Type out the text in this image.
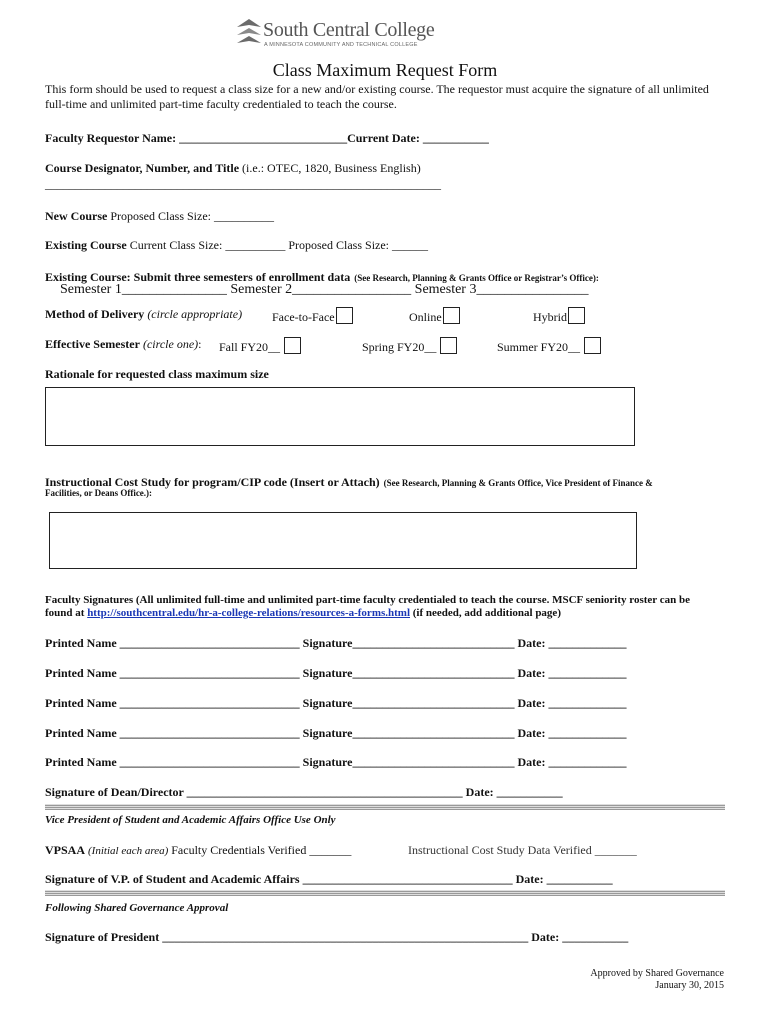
South Central College
A MINNESOTA COMMUNITY AND TECHNICAL COLLEGE
Class Maximum Request Form
This form should be used to request a class size for a new and/or existing course. The requestor must acquire the signature of all unlimited full-time and unlimited part-time faculty credentialed to teach the course.
Faculty Requestor Name: ____________________________Current Date: ___________
Course Designator, Number, and Title (i.e.: OTEC, 1820, Business English)
__________________________________________________________________
New Course Proposed Class Size: __________
Existing Course Current Class Size: __________ Proposed Class Size: ______
Existing Course: Submit three semesters of enrollment data (See Research, Planning & Grants Office or Registrar’s Office):
Semester 1_______________ Semester 2_________________ Semester 3________________
Method of Delivery (circle appropriate) Face-to-Face	Online	Hybrid
Effective Semester (circle one): Fall FY20__	Spring FY20__	Summer FY20__
Rationale for requested class maximum size
Instructional Cost Study for program/CIP code (Insert or Attach) (See Research, Planning & Grants Office, Vice President of Finance &
Facilities, or Deans Office.):
Faculty Signatures (All unlimited full-time and unlimited part-time faculty credentialed to teach the course. MSCF seniority roster can be
found at http://southcentral.edu/hr-a-college-relations/resources-a-forms.html (if needed, add additional page)
Printed Name ______________________________ Signature___________________________ Date: _____________
Printed Name ______________________________ Signature___________________________ Date: _____________
Printed Name ______________________________ Signature___________________________ Date: _____________
Printed Name ______________________________ Signature___________________________ Date: _____________
Printed Name ______________________________ Signature___________________________ Date: _____________
Signature of Dean/Director ______________________________________________ Date: ___________
Vice President of Student and Academic Affairs Office Use Only
VPSAA (Initial each area) Faculty Credentials Verified _______	Instructional Cost Study Data Verified _______
Signature of V.P. of Student and Academic Affairs ___________________________________ Date: ___________
Following Shared Governance Approval
Signature of President _____________________________________________________________ Date: ___________
Approved by Shared Governance
January 30, 2015
